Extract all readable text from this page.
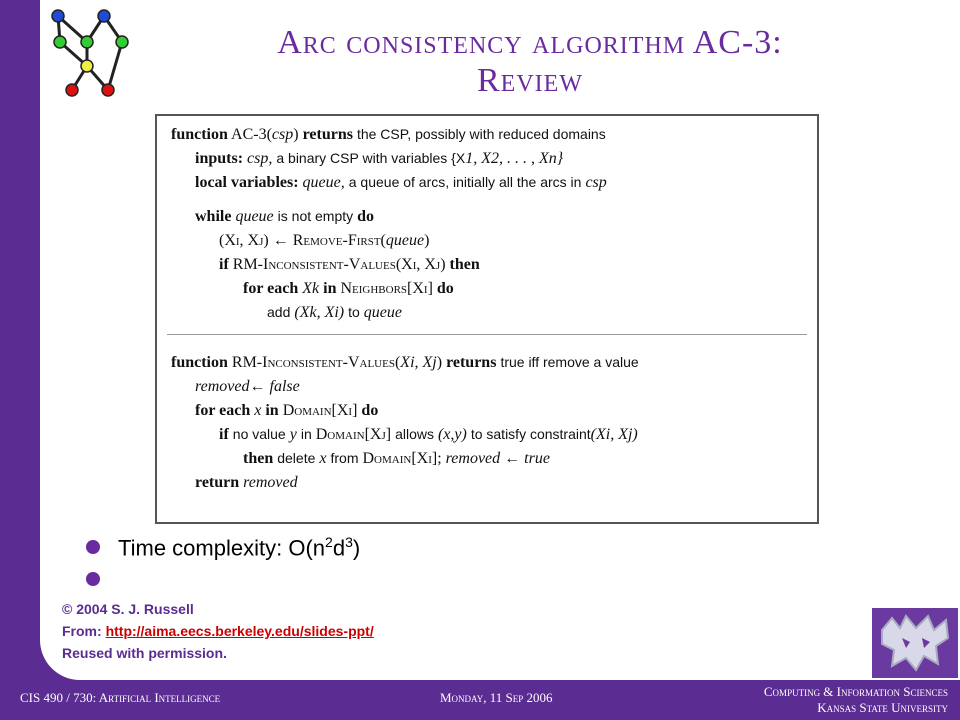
Arc consistency algorithm AC-3:
Review
function AC-3(csp) returns the CSP, possibly with reduced domains
inputs: csp, a binary CSP with variables {X1, X2, . . . , Xn}
local variables: queue, a queue of arcs, initially all the arcs in csp
while queue is not empty do
(Xi, Xj) ← Remove-First(queue)
if RM-Inconsistent-Values(Xi, Xj) then
for each Xk in Neighbors[Xi] do
add (Xk, Xi) to queue
function RM-Inconsistent-Values(Xi, Xj) returns true iff remove a value
removed← false
for each x in Domain[Xi] do
if no value y in Domain[Xj] allows (x,y) to satisfy constraint(Xi, Xj)
then delete x from Domain[Xi]; removed ← true
return removed
Time complexity: $O(n^2d^3)$
© 2004 S. J. Russell
From: http://aima.eecs.berkeley.edu/slides-ppt/
Reused with permission.
CIS 490 / 730: Artificial Intelligence	Monday, 11 Sep 2006	Computing & Information Sciences
Kansas State University
